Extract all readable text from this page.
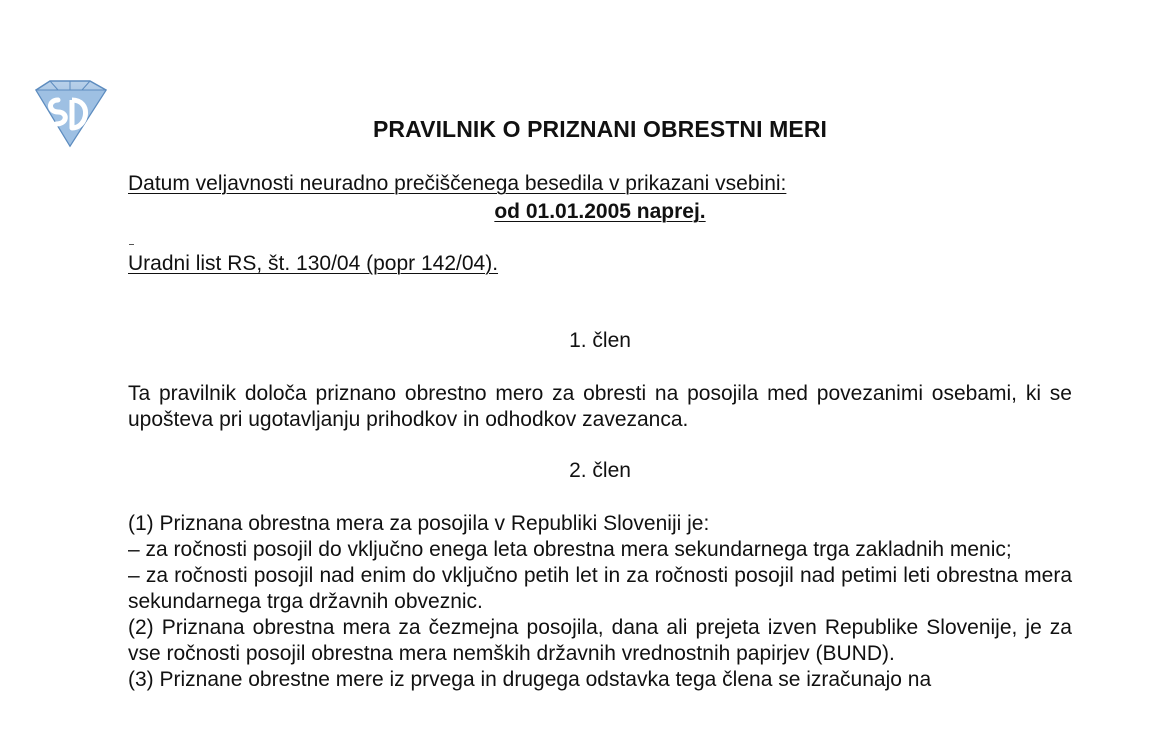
PRAVILNIK O PRIZNANI OBRESTNI MERI
Datum veljavnosti neuradno prečiščenega besedila v prikazani vsebini:
od 01.01.2005 naprej.
Uradni list RS, št. 130/04 (popr 142/04).
1. člen

Ta pravilnik določa priznano obrestno mero za obresti na posojila med povezanimi osebami, ki se upošteva pri ugotavljanju prihodkov in odhodkov zavezanca.

2. člen

(1) Priznana obrestna mera za posojila v Republiki Sloveniji je:

– za ročnosti posojil do vključno enega leta obrestna mera sekundarnega trga zakladnih menic;

– za ročnosti posojil nad enim do vključno petih let in za ročnosti posojil nad petimi leti obrestna mera sekundarnega trga državnih obveznic.

(2) Priznana obrestna mera za čezmejna posojila, dana ali prejeta izven Republike Slovenije, je za vse ročnosti posojil obrestna mera nemških državnih vrednostnih papirjev (BUND).

(3) Priznane obrestne mere iz prvega in drugega odstavka tega člena se izračunajo na
